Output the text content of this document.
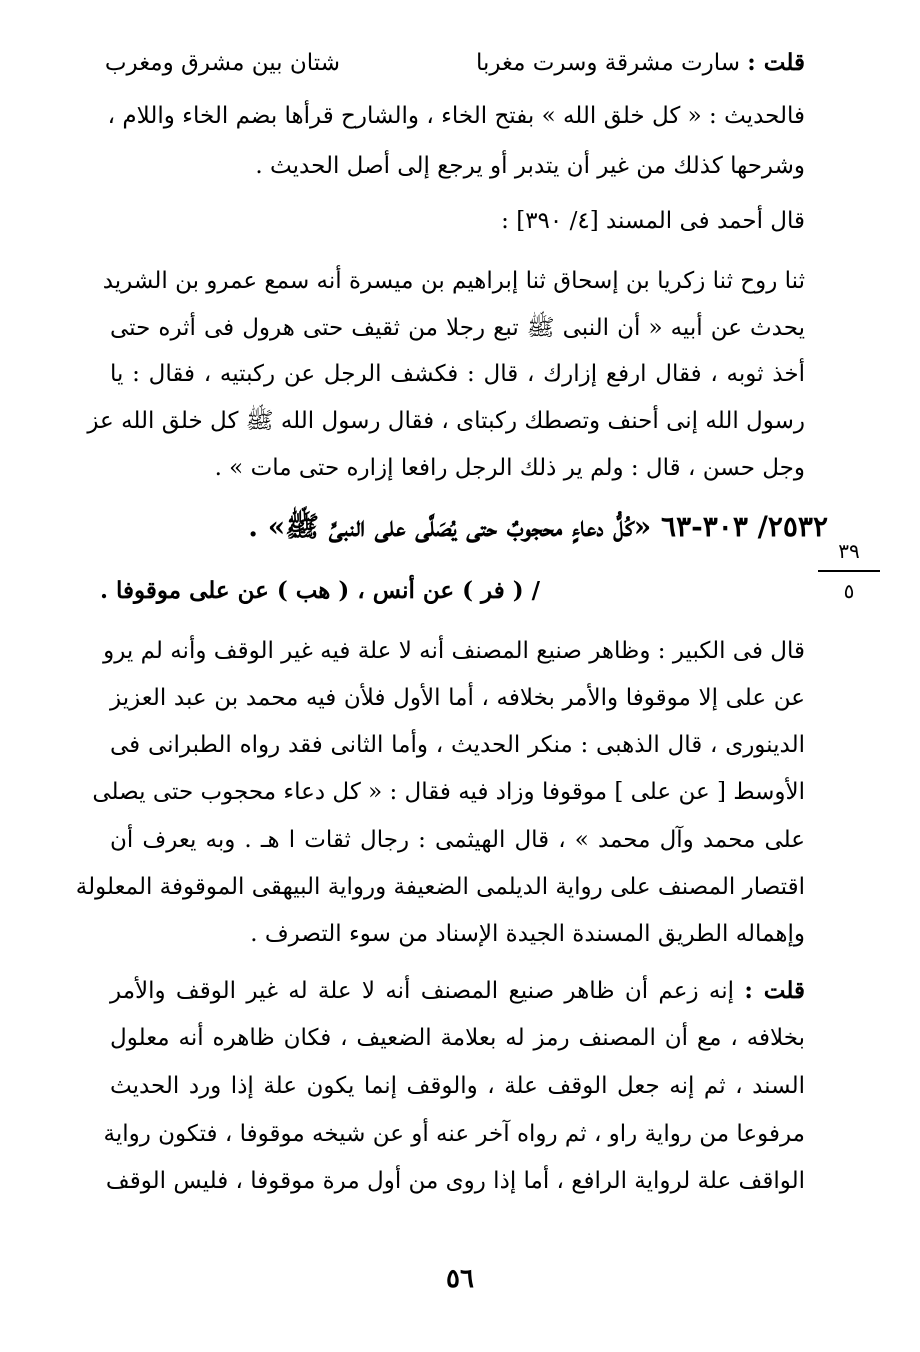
قلت :
سارت مشرقة وسرت مغربا
شتان بين مشرق ومغرب
فالحديث : « كل خلق الله » بفتح الخاء ، والشارح قرأها بضم الخاء واللام ،
وشرحها كذلك من غير أن يتدبر أو يرجع إلى أصل الحديث .
قال أحمد فى المسند [٤/ ٣٩٠] :
ثنا روح ثنا زكريا بن إسحاق ثنا إبراهيم بن ميسرة أنه سمع عمرو بن الشريد
يحدث عن أبيه « أن النبى ﷺ تبع رجلا من ثقيف حتى هرول فى أثره حتى
أخذ ثوبه ، فقال ارفع إزارك ، قال : فكشف الرجل عن ركبتيه ، فقال : يا
رسول الله إنى أحنف وتصطك ركبتاى ، فقال رسول الله ﷺ كل خلق الله عز
وجل حسن ، قال : ولم ير ذلك الرجل رافعا إزاره حتى مات » .
٢٥٣٢/ ٣٠٣-٦٣ «كُلُّ دعاءٍ محجوبٌ حتى يُصَلَّى على النبىِّ ﷺ» .
/ ( فر ) عن أنس ، ( هب ) عن على موقوفا .
٣٩
٥
قال فى الكبير : وظاهر صنيع المصنف أنه لا علة فيه غير الوقف وأنه لم يرو
عن على إلا موقوفا والأمر بخلافه ، أما الأول فلأن فيه محمد بن عبد العزيز
الدينورى ، قال الذهبى : منكر الحديث ، وأما الثانى فقد رواه الطبرانى فى
الأوسط [ عن على ] موقوفا وزاد فيه فقال : « كل دعاء محجوب حتى يصلى
على محمد وآل محمد » ، قال الهيثمى : رجال ثقات ا هـ . وبه يعرف أن
اقتصار المصنف على رواية الديلمى الضعيفة ورواية البيهقى الموقوفة المعلولة
وإهماله الطريق المسندة الجيدة الإسناد من سوء التصرف .
قلت : إنه زعم أن ظاهر صنيع المصنف أنه لا علة له غير الوقف والأمر
بخلافه ، مع أن المصنف رمز له بعلامة الضعيف ، فكان ظاهره أنه معلول
السند ، ثم إنه جعل الوقف علة ، والوقف إنما يكون علة إذا ورد الحديث
مرفوعا من رواية راو ، ثم رواه آخر عنه أو عن شيخه موقوفا ، فتكون رواية
الواقف علة لرواية الرافع ، أما إذا روى من أول مرة موقوفا ، فليس الوقف
٥٦
